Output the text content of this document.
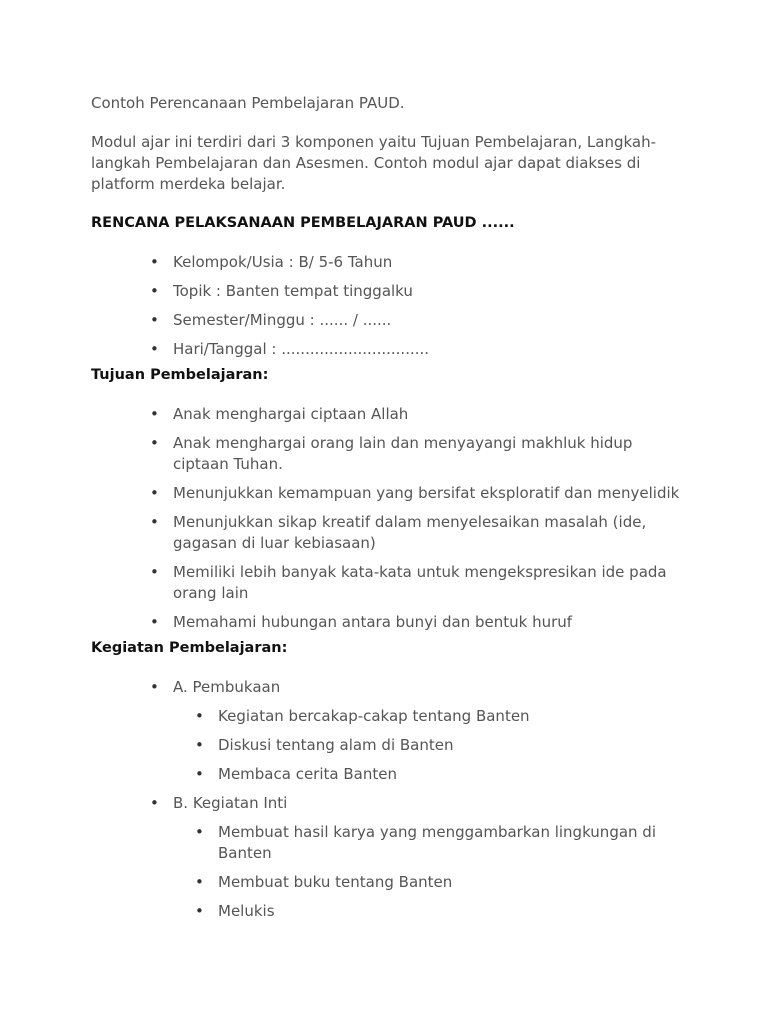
Contoh Perencanaan Pembelajaran PAUD.

Modul ajar ini terdiri dari 3 komponen yaitu Tujuan Pembelajaran, Langkah-langkah Pembelajaran dan Asesmen. Contoh modul ajar dapat diakses di platform merdeka belajar.

RENCANA PELAKSANAAN PEMBELAJARAN PAUD ......

• Kelompok/Usia : B/ 5-6 Tahun
• Topik : Banten tempat tinggalku
• Semester/Minggu : ...... / ......
• Hari/Tanggal : ...............................

Tujuan Pembelajaran:

• Anak menghargai ciptaan Allah
• Anak menghargai orang lain dan menyayangi makhluk hidup ciptaan Tuhan.
• Menunjukkan kemampuan yang bersifat eksploratif dan menyelidik
• Menunjukkan sikap kreatif dalam menyelesaikan masalah (ide, gagasan di luar kebiasaan)
• Memiliki lebih banyak kata-kata untuk mengekspresikan ide pada orang lain
• Memahami hubungan antara bunyi dan bentuk huruf

Kegiatan Pembelajaran:

• A. Pembukaan
• Kegiatan bercakap-cakap tentang Banten
• Diskusi tentang alam di Banten
• Membaca cerita Banten
• B. Kegiatan Inti
• Membuat hasil karya yang menggambarkan lingkungan di Banten
• Membuat buku tentang Banten
• Melukis
